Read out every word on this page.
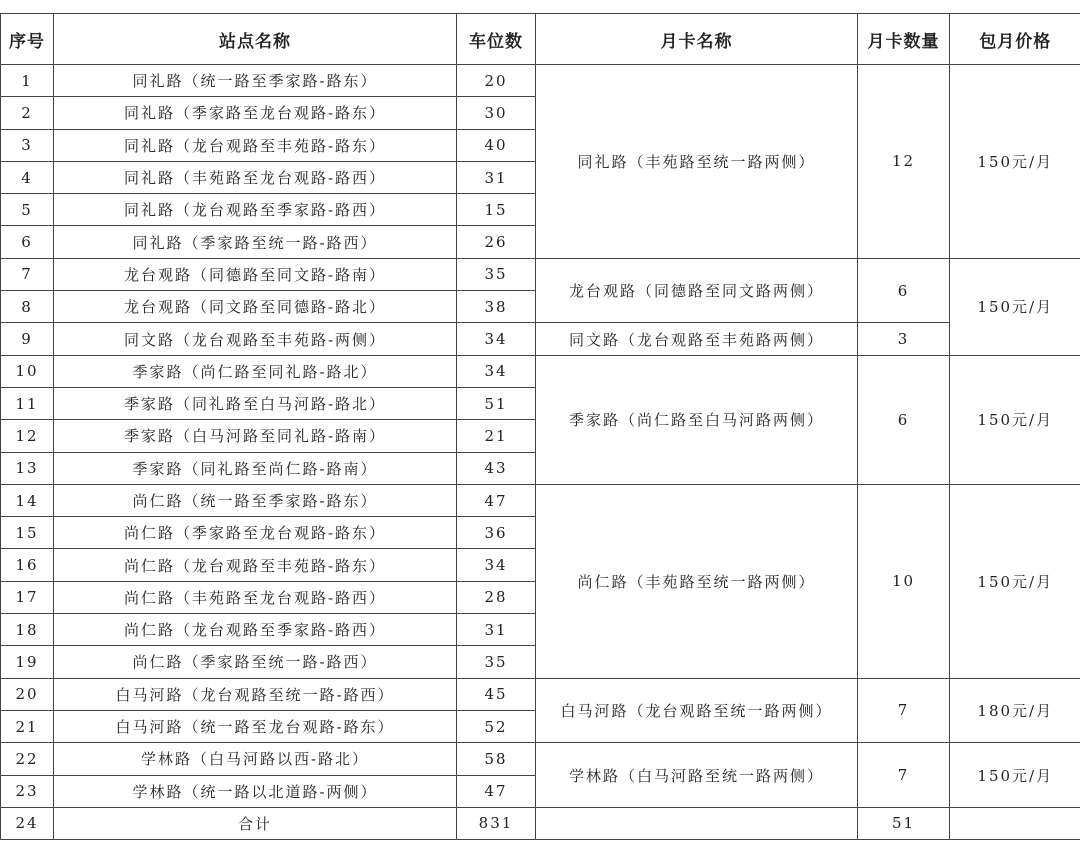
序号	站点名称	车位数	月卡名称	月卡数量	包月价格
1	同礼路（统一路至季家路-路东）	20	同礼路（丰苑路至统一路两侧）	12	150元/月
2	同礼路（季家路至龙台观路-路东）	30			
3	同礼路（龙台观路至丰苑路-路东）	40			
4	同礼路（丰苑路至龙台观路-路西）	31			
5	同礼路（龙台观路至季家路-路西）	15			
6	同礼路（季家路至统一路-路西）	26			
7	龙台观路（同德路至同文路-路南）	35	龙台观路（同德路至同文路两侧）	6	150元/月
8	龙台观路（同文路至同德路-路北）	38			
9	同文路（龙台观路至丰苑路-两侧）	34	同文路（龙台观路至丰苑路两侧）	3	
10	季家路（尚仁路至同礼路-路北）	34	季家路（尚仁路至白马河路两侧）	6	150元/月
11	季家路（同礼路至白马河路-路北）	51			
12	季家路（白马河路至同礼路-路南）	21			
13	季家路（同礼路至尚仁路-路南）	43			
14	尚仁路（统一路至季家路-路东）	47	尚仁路（丰苑路至统一路两侧）	10	150元/月
15	尚仁路（季家路至龙台观路-路东）	36			
16	尚仁路（龙台观路至丰苑路-路东）	34			
17	尚仁路（丰苑路至龙台观路-路西）	28			
18	尚仁路（龙台观路至季家路-路西）	31			
19	尚仁路（季家路至统一路-路西）	35			
20	白马河路（龙台观路至统一路-路西）	45	白马河路（龙台观路至统一路两侧）	7	180元/月
21	白马河路（统一路至龙台观路-路东）	52			
22	学林路（白马河路以西-路北）	58	学林路（白马河路至统一路两侧）	7	150元/月
23	学林路（统一路以北道路-两侧）	47			
24	合计	831		51	
